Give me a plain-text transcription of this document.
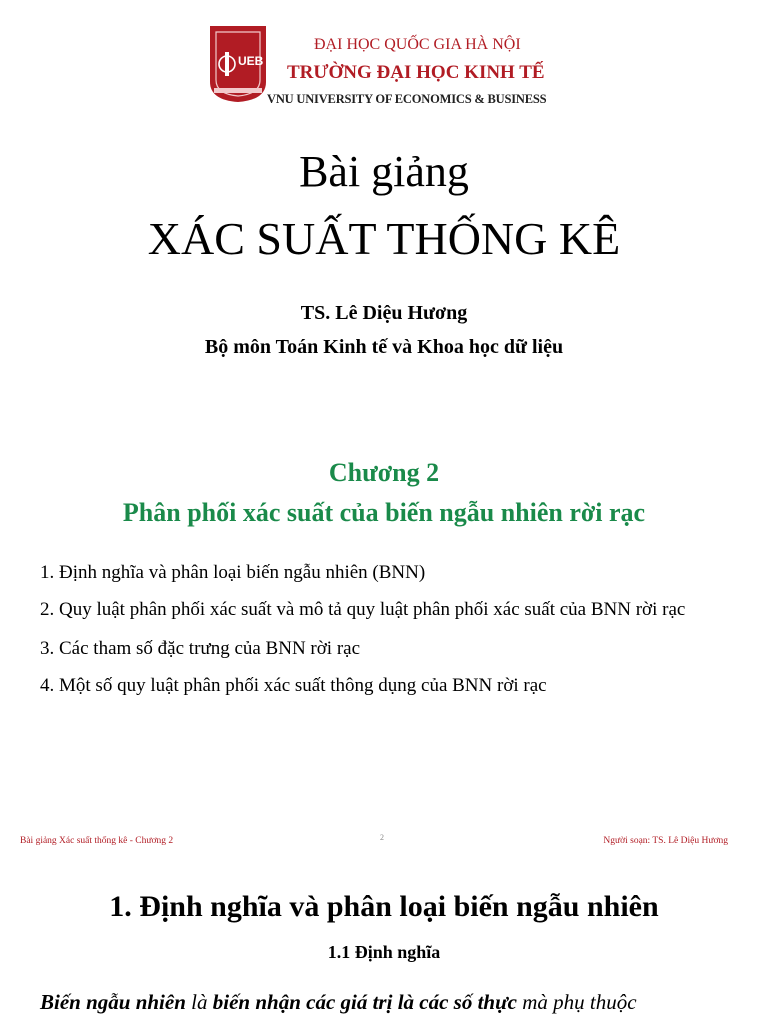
UEB
ĐẠI HỌC QUỐC GIA HÀ NỘI
TRƯỜNG ĐẠI HỌC KINH TẾ
VNU UNIVERSITY OF ECONOMICS & BUSINESS
Bài giảng
XÁC SUẤT THỐNG KÊ
TS. Lê Diệu Hương
Bộ môn Toán Kinh tế và Khoa học dữ liệu
Chương 2
Phân phối xác suất của biến ngẫu nhiên rời rạc
1. Định nghĩa và phân loại biến ngẫu nhiên (BNN)
2. Quy luật phân phối xác suất và mô tả quy luật phân phối xác suất của BNN rời rạc
3. Các tham số đặc trưng của BNN rời rạc
4. Một số quy luật phân phối xác suất thông dụng của BNN rời rạc
Bài giảng Xác suất thống kê - Chương 2	2	Người soạn: TS. Lê Diệu Hương
1. Định nghĩa và phân loại biến ngẫu nhiên
1.1 Định nghĩa
Biến ngẫu nhiên là biến nhận các giá trị là các số thực mà phụ thuộc
